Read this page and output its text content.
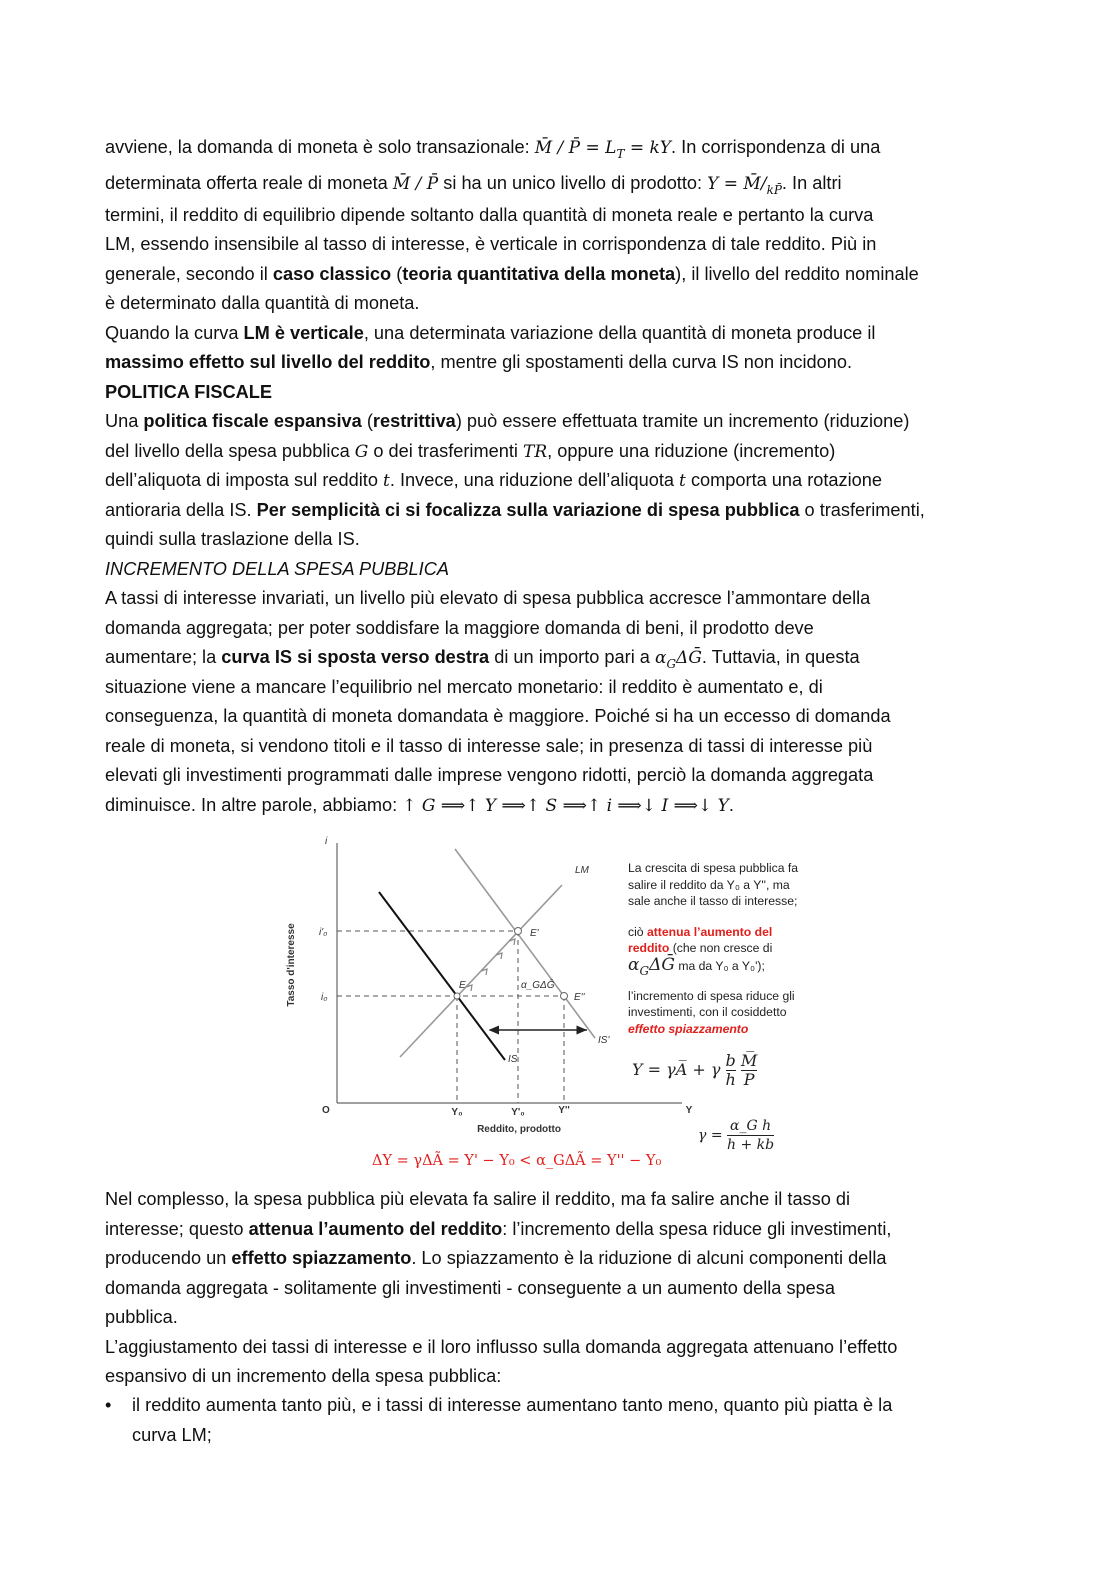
avviene, la domanda di moneta è solo transazionale: M̄ / P̄ = $L_T$ = kY. In corrispondenza di una
determinata offerta reale di moneta M̄ / P̄ si ha un unico livello di prodotto: $Y = M̄/_{kP̄}$. In altri
termini, il reddito di equilibrio dipende soltanto dalla quantità di moneta reale e pertanto la curva
LM, essendo insensibile al tasso di interesse, è verticale in corrispondenza di tale reddito. Più in
generale, secondo il caso classico (teoria quantitativa della moneta), il livello del reddito nominale
è determinato dalla quantità di moneta.
Quando la curva LM è verticale, una determinata variazione della quantità di moneta produce il
massimo effetto sul livello del reddito, mentre gli spostamenti della curva IS non incidono.
POLITICA FISCALE
Una politica fiscale espansiva (restrittiva) può essere effettuata tramite un incremento (riduzione)
del livello della spesa pubblica G o dei trasferimenti TR, oppure una riduzione (incremento)
dell’aliquota di imposta sul reddito t. Invece, una riduzione dell’aliquota t comporta una rotazione
antioraria della IS. Per semplicità ci si focalizza sulla variazione di spesa pubblica o trasferimenti,
quindi sulla traslazione della IS.
INCREMENTO DELLA SPESA PUBBLICA
A tassi di interesse invariati, un livello più elevato di spesa pubblica accresce l’ammontare della
domanda aggregata; per poter soddisfare la maggiore domanda di beni, il prodotto deve
aumentare; la curva IS si sposta verso destra di un importo pari a $\alpha_G\Delta Ḡ$. Tuttavia, in questa
situazione viene a mancare l’equilibrio nel mercato monetario: il reddito è aumentato e, di
conseguenza, la quantità di moneta domandata è maggiore. Poiché si ha un eccesso di domanda
reale di moneta, si vendono titoli e il tasso di interesse sale; in presenza di tassi di interesse più
elevati gli investimenti programmati dalle imprese vengono ridotti, perciò la domanda aggregata
diminuisce. In altre parole, abbiamo: ↑ G ⟹↑ Y ⟹↑ S ⟹↑ i ⟹↓ I ⟹↓ Y.
i
Tasso d'interesse i'₀
i₀
O	Y₀	Y'₀	Y''	Y
Reddito, prodotto
LM
IS
IS'
E
E'
E''
α_GΔḠ
La crescita di spesa pubblica fa
salire il reddito da Y₀ a Y'', ma
sale anche il tasso di interesse;
ciò attenua l’aumento del
reddito (che non cresce di
αGΔḠ ma da Y₀ a Y₀');
l’incremento di spesa riduce gli
investimenti, con il cosiddetto
effetto spiazzamento
Y = γA̅ + γ $\frac{b}{h}$
$\frac{M̅}{P̅}$
$\gamma = \frac{\text{α\_G h}}{h + kb}$
ΔY = γΔÃ = Y' − Y₀ < α_GΔÃ = Y'' − Y₀
Nel complesso, la spesa pubblica più elevata fa salire il reddito, ma fa salire anche il tasso di
interesse; questo attenua l’aumento del reddito: l’incremento della spesa riduce gli investimenti,
producendo un effetto spiazzamento. Lo spiazzamento è la riduzione di alcuni componenti della
domanda aggregata - solitamente gli investimenti - conseguente a un aumento della spesa
pubblica.
L’aggiustamento dei tassi di interesse e il loro influsso sulla domanda aggregata attenuano l’effetto
espansivo di un incremento della spesa pubblica:
•	il reddito aumenta tanto più, e i tassi di interesse aumentano tanto meno, quanto più piatta è la
curva LM;
